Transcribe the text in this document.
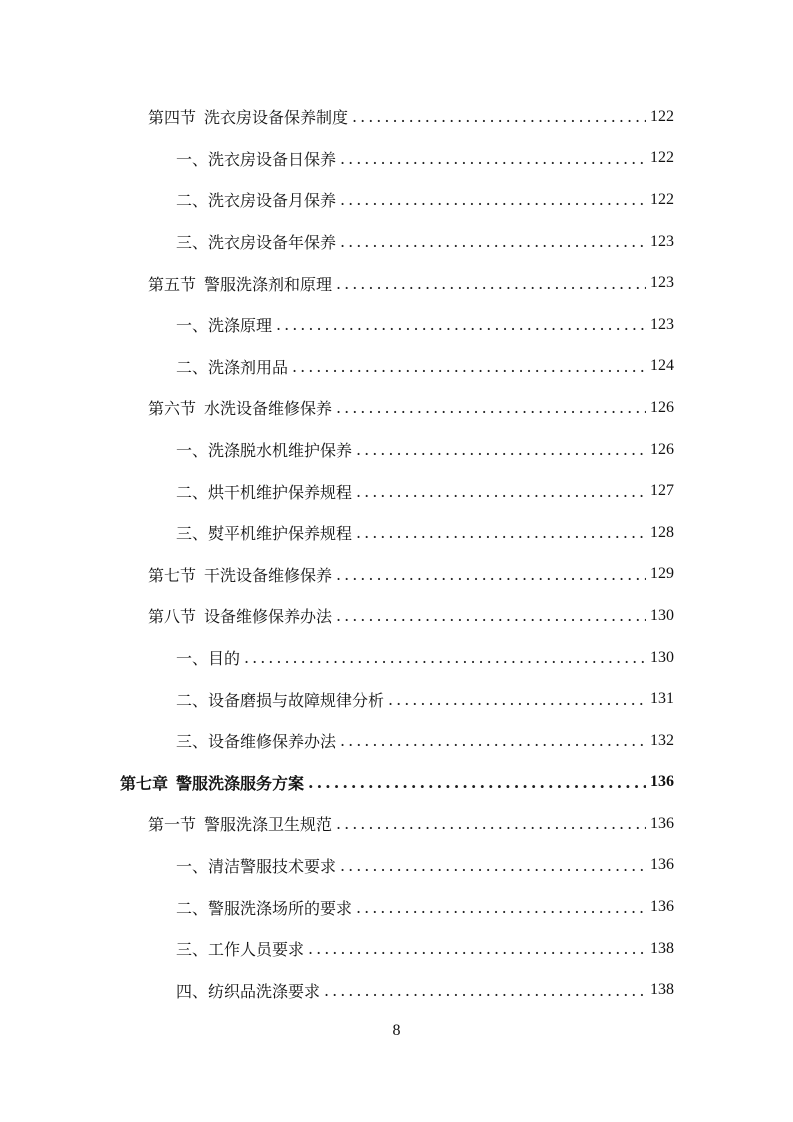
第四节 洗衣房设备保养制度 .....	122
一、 洗衣房设备日保养 .....	122
二、 洗衣房设备月保养 .....	122
三、 洗衣房设备年保养 .....	123
第五节 警服洗涤剂和原理 .....	123
一、 洗涤原理 .....	123
二、 洗涤剂用品 .....	124
第六节 水洗设备维修保养 .....	126
一、 洗涤脱水机维护保养 .....	126
二、 烘干机维护保养规程 .....	127
三、 熨平机维护保养规程 .....	128
第七节 干洗设备维修保养 .....	129
第八节 设备维修保养办法 .....	130
一、 目的 .....	130
二、 设备磨损与故障规律分析 .....	131
三、 设备维修保养办法 .....	132
第七章 警服洗涤服务方案 .....	136
第一节 警服洗涤卫生规范 .....	136
一、 清洁警服技术要求 .....	136
二、 警服洗涤场所的要求 .....	136
三、 工作人员要求 .....	138
四、 纺织品洗涤要求 .....	138
8
